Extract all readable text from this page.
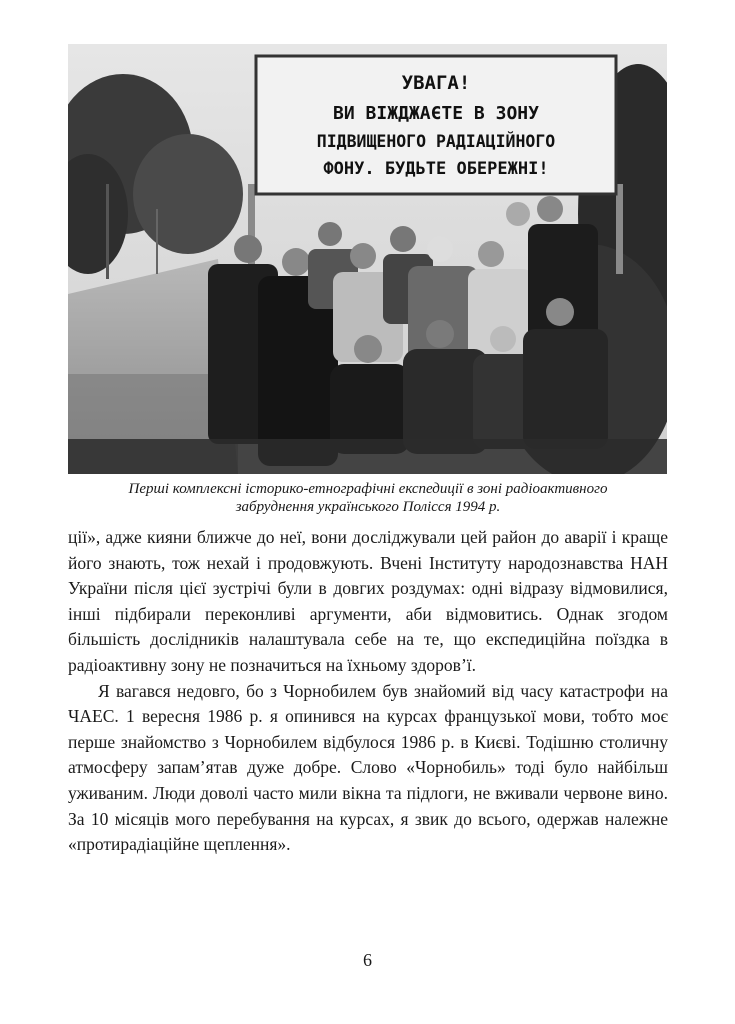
УВАГА!
ВИ ВІЖДЖАЄТЕ В ЗОНУ
ПІДВИЩЕНОГО РАДІАЦІЙНОГО
ФОНУ. БУДЬТЕ ОБЕРЕЖНІ!
Перші комплексні історико-етнографічні експедиції в зоні радіоактивного
забруднення українського Полісся 1994 р.

ції», адже кияни ближче до неї, вони досліджували цей район до аварії і краще його знають, тож нехай і продовжують. Вчені Інституту народознавства НАН України після цієї зустрічі були в довгих роздумах: одні відразу відмовилися, інші підбирали переконливі аргументи, аби відмовитись. Однак згодом більшість дослідників налаштувала себе на те, що експедиційна поїздка в радіоактивну зону не позначиться на їхньому здоров’ї.

Я вагався недовго, бо з Чорнобилем був знайомий від часу катастрофи на ЧАЕС. 1 вересня 1986 р. я опинився на курсах французької мови, тобто моє перше знайомство з Чорнобилем відбулося 1986 р. в Києві. Тодішню столичну атмосферу запам’ятав дуже добре. Слово «Чорнобиль» тоді було найбільш уживаним. Люди доволі часто мили вікна та підлоги, не вживали червоне вино. За 10 місяців мого перебування на курсах, я звик до всього, одержав належне «протирадіаційне щеплення».

6
